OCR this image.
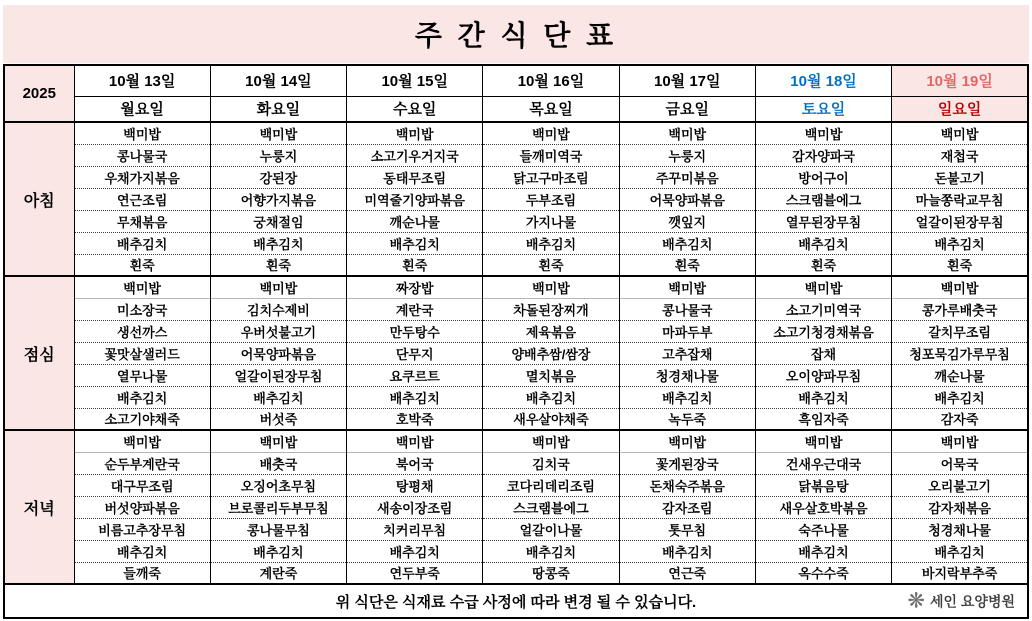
주 간 식 단 표
2025	10월 13일	10월 14일	10월 15일	10월 16일	10월 17일	10월 18일	10월 19일
	월요일	화요일	수요일	목요일	금요일	토요일	일요일
아침	백미밥	백미밥	백미밥	백미밥	백미밥	백미밥	백미밥
	콩나물국	누룽지	소고기우거지국	들깨미역국	누룽지	감자양파국	재첩국
	우채가지볶음	강된장	동태무조림	닭고구마조림	주꾸미볶음	방어구이	돈불고기
	연근조림	어향가지볶음	미역줄기양파볶음	두부조림	어묵양파볶음	스크램블에그	마늘쫑락교무침
	무채볶음	궁채절임	깨순나물	가지나물	깻잎지	열무된장무침	얼갈이된장무침
	배추김치	배추김치	배추김치	배추김치	배추김치	배추김치	배추김치
	흰죽	흰죽	흰죽	흰죽	흰죽	흰죽	흰죽
점심	백미밥	백미밥	짜장밥	백미밥	백미밥	백미밥	백미밥
	미소장국	김치수제비	계란국	차돌된장찌개	콩나물국	소고기미역국	콩가루배춧국
	생선까스	우버섯불고기	만두탕수	제육볶음	마파두부	소고기청경채볶음	갈치무조림
	꽃맛살샐러드	어묵양파볶음	단무지	양배추쌈/쌈장	고추잡채	잡채	청포묵김가루무침
	열무나물	얼갈이된장무침	요쿠르트	멸치볶음	청경채나물	오이양파무침	깨순나물
	배추김치	배추김치	배추김치	배추김치	배추김치	배추김치	배추김치
	소고기야채죽	버섯죽	호박죽	새우살야채죽	녹두죽	흑임자죽	감자죽
저녁	백미밥	백미밥	백미밥	백미밥	백미밥	백미밥	백미밥
	순두부계란국	배춧국	북어국	김치국	꽃게된장국	건새우근대국	어묵국
	대구무조림	오징어초무침	탕평채	코다리데리조림	돈채숙주볶음	닭볶음탕	오리불고기
	버섯양파볶음	브로콜리두부무침	새송이장조림	스크램블에그	감자조림	새우살호박볶음	감자채볶음
	비름고추장무침	콩나물무침	치커리무침	얼갈이나물	톳무침	숙주나물	청경채나물
	배추김치	배추김치	배추김치	배추김치	배추김치	배추김치	배추김치
	들깨죽	계란죽	연두부죽	땅콩죽	연근죽	옥수수죽	바지락부추죽
위 식단은 식재료 수급 사정에 따라 변경 될 수 있습니다.	❋ 세인 요양병원
